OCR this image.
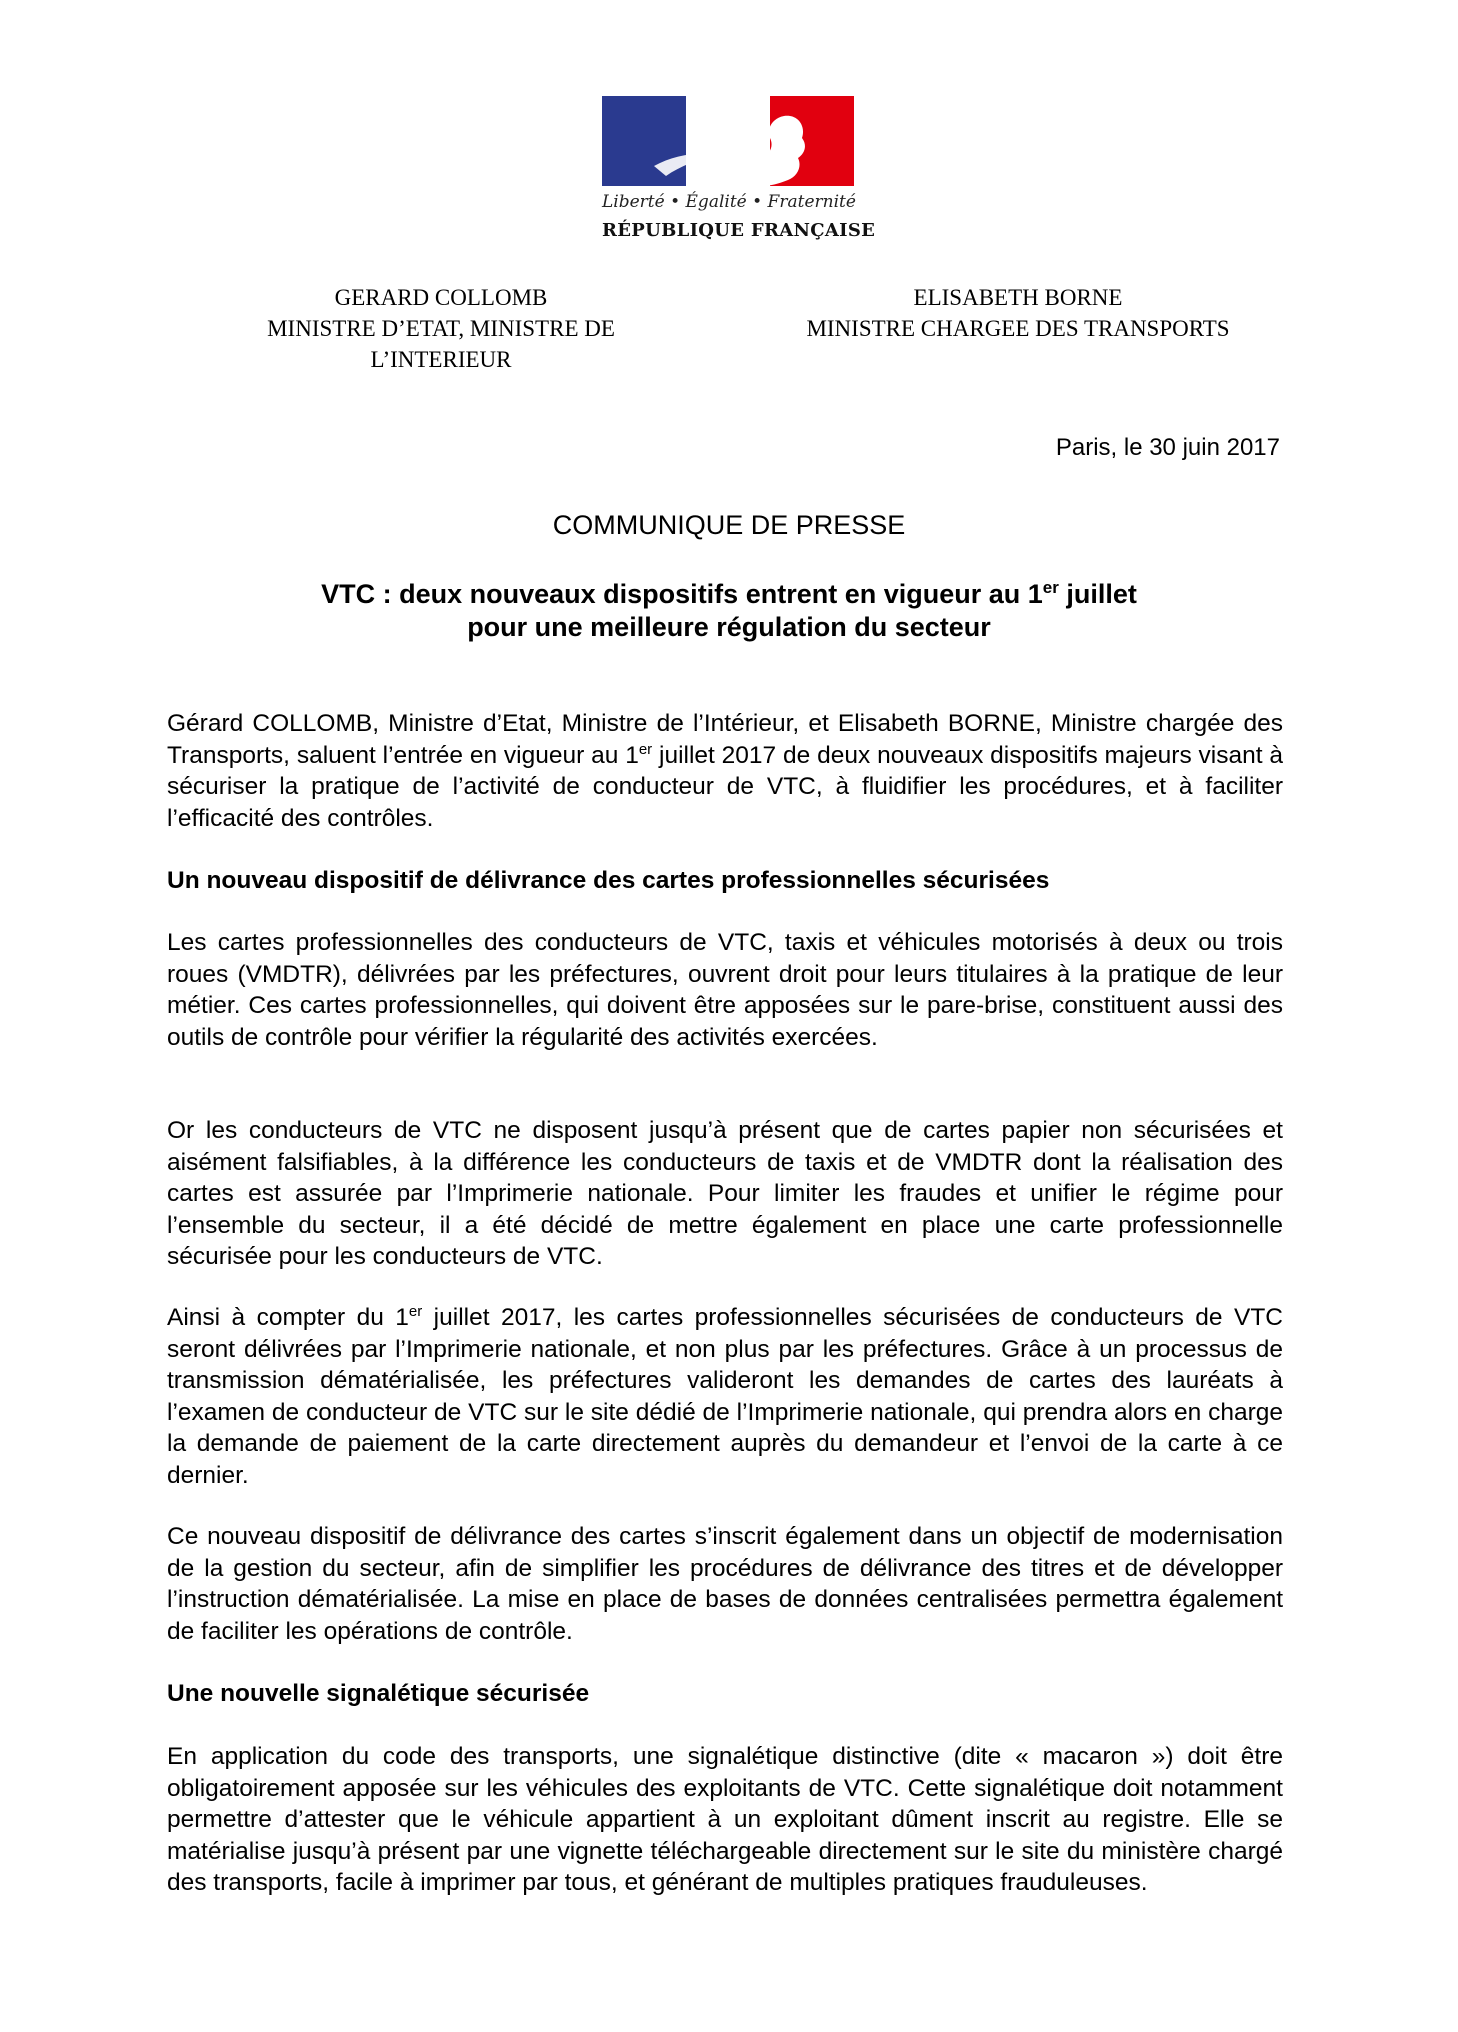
Liberté • Égalité • Fraternité
RÉPUBLIQUE FRANÇAISE
GERARD COLLOMB
MINISTRE D’ETAT, MINISTRE DE
L’INTERIEUR
ELISABETH BORNE
MINISTRE CHARGEE DES TRANSPORTS
Paris, le 30 juin 2017
COMMUNIQUE DE PRESSE
VTC : deux nouveaux dispositifs entrent en vigueur au 1er juillet
pour une meilleure régulation du secteur
Gérard COLLOMB, Ministre d’Etat, Ministre de l’Intérieur, et Elisabeth BORNE, Ministre chargée des Transports, saluent l’entrée en vigueur au 1er juillet 2017 de deux nouveaux dispositifs majeurs visant à sécuriser la pratique de l’activité de conducteur de VTC, à fluidifier les procédures, et à faciliter l’efficacité des contrôles.
Un nouveau dispositif de délivrance des cartes professionnelles sécurisées
Les cartes professionnelles des conducteurs de VTC, taxis et véhicules motorisés à deux ou trois roues (VMDTR), délivrées par les préfectures, ouvrent droit pour leurs titulaires à la pratique de leur métier. Ces cartes professionnelles, qui doivent être apposées sur le pare-brise, constituent aussi des outils de contrôle pour vérifier la régularité des activités exercées.
Or les conducteurs de VTC ne disposent jusqu’à présent que de cartes papier non sécurisées et aisément falsifiables, à la différence les conducteurs de taxis et de VMDTR dont la réalisation des cartes est assurée par l’Imprimerie nationale. Pour limiter les fraudes et unifier le régime pour l’ensemble du secteur, il a été décidé de mettre également en place une carte professionnelle sécurisée pour les conducteurs de VTC.
Ainsi à compter du 1er juillet 2017, les cartes professionnelles sécurisées de conducteurs de VTC seront délivrées par l’Imprimerie nationale, et non plus par les préfectures. Grâce à un processus de transmission dématérialisée, les préfectures valideront les demandes de cartes des lauréats à l’examen de conducteur de VTC sur le site dédié de l’Imprimerie nationale, qui prendra alors en charge la demande de paiement de la carte directement auprès du demandeur et l’envoi de la carte à ce dernier.
Ce nouveau dispositif de délivrance des cartes s’inscrit également dans un objectif de modernisation de la gestion du secteur, afin de simplifier les procédures de délivrance des titres et de développer l’instruction dématérialisée. La mise en place de bases de données centralisées permettra également de faciliter les opérations de contrôle.
Une nouvelle signalétique sécurisée
En application du code des transports, une signalétique distinctive (dite « macaron ») doit être obligatoirement apposée sur les véhicules des exploitants de VTC. Cette signalétique doit notamment permettre d’attester que le véhicule appartient à un exploitant dûment inscrit au registre. Elle se matérialise jusqu’à présent par une vignette téléchargeable directement sur le site du ministère chargé des transports, facile à imprimer par tous, et générant de multiples pratiques frauduleuses.
